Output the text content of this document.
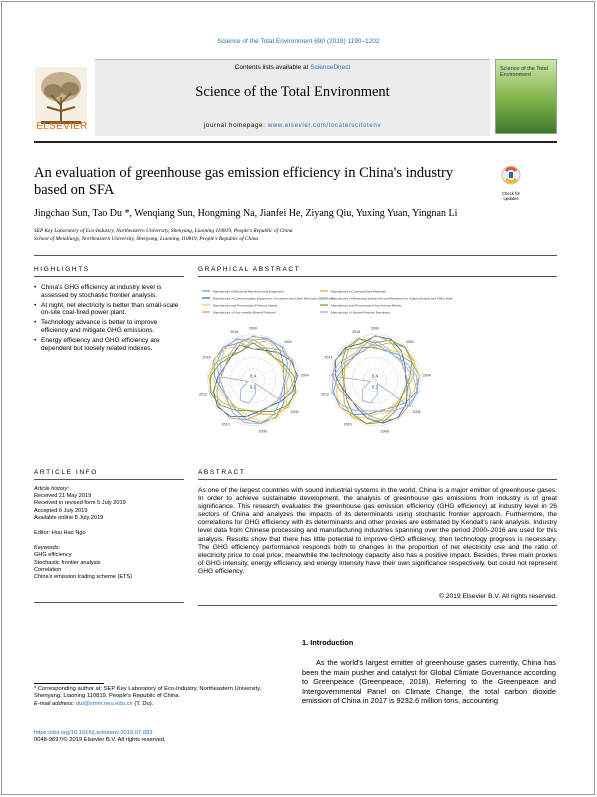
Science of the Total Environment 690 (2019) 1190–1202
Contents lists available at ScienceDirect
Science of the Total Environment
journal homepage: www.elsevier.com/locate/scitotenv
ELSEVIER
Science of the Total Environment
An evaluation of greenhouse gas emission efficiency in China's industry based on SFA	Check for updates
Jingchao Sun, Tao Du *, Wenqiang Sun, Hongming Na, Jianfei He, Ziyang Qiu, Yuxing Yuan, Yingnan Li
SEP Key Laboratory of Eco-Industry, Northeastern University, Shenyang, Liaoning 110819, People's Republic of China
School of Metallurgy, Northeastern University, Shenyang, Liaoning 110819, People's Republic of China
HIGHLIGHTS
• China's GHG efficiency at industry level is assessed by stochastic frontier analysis.
• At night, net electricity is better than small-scale on-site coal-fired power plant.
• Technology advance is better to improve efficiency and mitigate GHG emissions.
• Energy efficiency and GHG efficiency are dependent but loosely related indexes.
GRAPHICAL ABSTRACT
Manufacture of Electrical Machinery and Equipment
Manufacture of Communication Equipment, Computers and Other Electronic Equipment
Manufacture and Processing of Ferrous Metals
Manufacture of Non-metallic Mineral Products
Manufacture of Chemical Raw Materials
Manufacture of Measuring Instrument and Machinery for Cultural Activity and Office Work
Manufacture and Processing of Non-ferrous Metals
Manufacture of Special Purpose Machinery
2000
2002
2004
2006
2008
2010
2012
2014
2016
0.2
0.4
2000
2002
2004
2006
2008
2010
2012
2014
2016
0.2
0.4
ARTICLE INFO
Article history:
Received 21 May 2019
Received in revised form 5 July 2019
Accepted 6 July 2019
Available online 8 July 2019
Editor: Huu Hao Ngo
Keywords:
GHG efficiency
Stochastic frontier analysis
Correlation
China's emission trading scheme (ETS)
ABSTRACT
As one of the largest countries with sound industrial systems in the world, China is a major emitter of greenhouse gases. In order to achieve sustainable development, the analysis of greenhouse gas emissions from industry is of great significance. This research evaluates the greenhouse gas emission efficiency (GHG efficiency) at industry level in 26 sectors of China and analyzes the impacts of its determinants using stochastic frontier approach. Furthermore, the correlations for GHG efficiency with its determinants and other proxies are estimated by Kendall's rank analysis. Industry level data from Chinese processing and manufacturing industries spanning over the period 2000–2016 are used for this analysis. Results show that there has little potential to improve GHG efficiency, then technology progress is necessary. The GHG efficiency performance responds both to changes in the proportion of net electricity use and the ratio of electricity price to coal price; meanwhile the technology capacity also has a positive impact. Besides, three main proxies of GHG intensity, energy efficiency and energy intensity have their own significance respectively, but could not represent GHG efficiency.
© 2019 Elsevier B.V. All rights reserved.
1. Introduction
As the world's largest emitter of greenhouse gases currently, China has been the main pusher and catalyst for Global Climate Governance according to Greenpeace (Greenpeace, 2018). Referring to the Greenpeace and Intergovernmental Panel on Climate Change, the total carbon dioxide emission of China in 2017 is 9232.6 million tons, accounting
* Corresponding author at: SEP Key Laboratory of Eco-Industry, Northeastern University, Shenyang, Liaoning 110819, People's Republic of China.
E-mail address: dut@smm.neu.edu.cn (T. Du).
https://doi.org/10.1016/j.scitotenv.2019.07.093
0048-9697/© 2019 Elsevier B.V. All rights reserved.
